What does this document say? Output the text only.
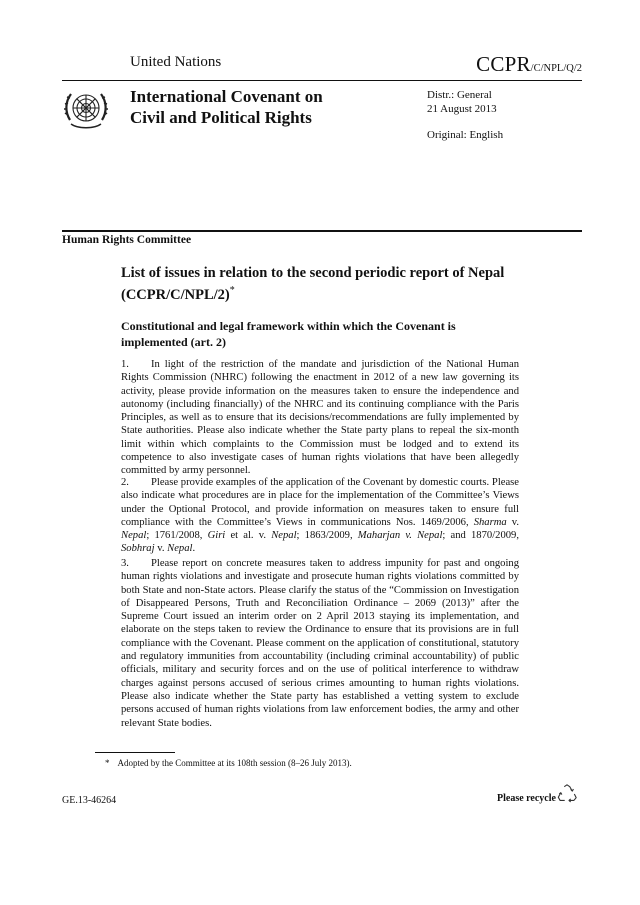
United Nations	CCPR/C/NPL/Q/2
International Covenant on
Civil and Political Rights
Distr.: General
21 August 2013
Original: English
Human Rights Committee
List of issues in relation to the second periodic report of Nepal (CCPR/C/NPL/2)*
Constitutional and legal framework within which the Covenant is implemented (art. 2)
1. In light of the restriction of the mandate and jurisdiction of the National Human Rights Commission (NHRC) following the enactment in 2012 of a new law governing its activity, please provide information on the measures taken to ensure the independence and autonomy (including financially) of the NHRC and its continuing compliance with the Paris Principles, as well as to ensure that its decisions/recommendations are fully implemented by State authorities. Please also indicate whether the State party plans to repeal the six-month limit within which complaints to the Commission must be lodged and to extend its competence to also investigate cases of human rights violations that have been allegedly committed by army personnel.
2. Please provide examples of the application of the Covenant by domestic courts. Please also indicate what procedures are in place for the implementation of the Committee’s Views under the Optional Protocol, and provide information on measures taken to ensure full compliance with the Committee’s Views in communications Nos. 1469/2006, Sharma v. Nepal; 1761/2008, Giri et al. v. Nepal; 1863/2009, Maharjan v. Nepal; and 1870/2009, Sobhraj v. Nepal.
3. Please report on concrete measures taken to address impunity for past and ongoing human rights violations and investigate and prosecute human rights violations committed by both State and non-State actors. Please clarify the status of the “Commission on Investigation of Disappeared Persons, Truth and Reconciliation Ordinance – 2069 (2013)” after the Supreme Court issued an interim order on 2 April 2013 staying its implementation, and elaborate on the steps taken to review the Ordinance to ensure that its provisions are in full compliance with the Covenant. Please comment on the application of constitutional, statutory and regulatory immunities from accountability (including criminal accountability) of public officials, military and security forces and on the use of political interference to withdraw charges against persons accused of serious crimes amounting to human rights violations. Please also indicate whether the State party has established a vetting system to exclude persons accused of human rights violations from law enforcement bodies, the army and other relevant State bodies.
* Adopted by the Committee at its 108th session (8–26 July 2013).
GE.13-46264	Please recycle
